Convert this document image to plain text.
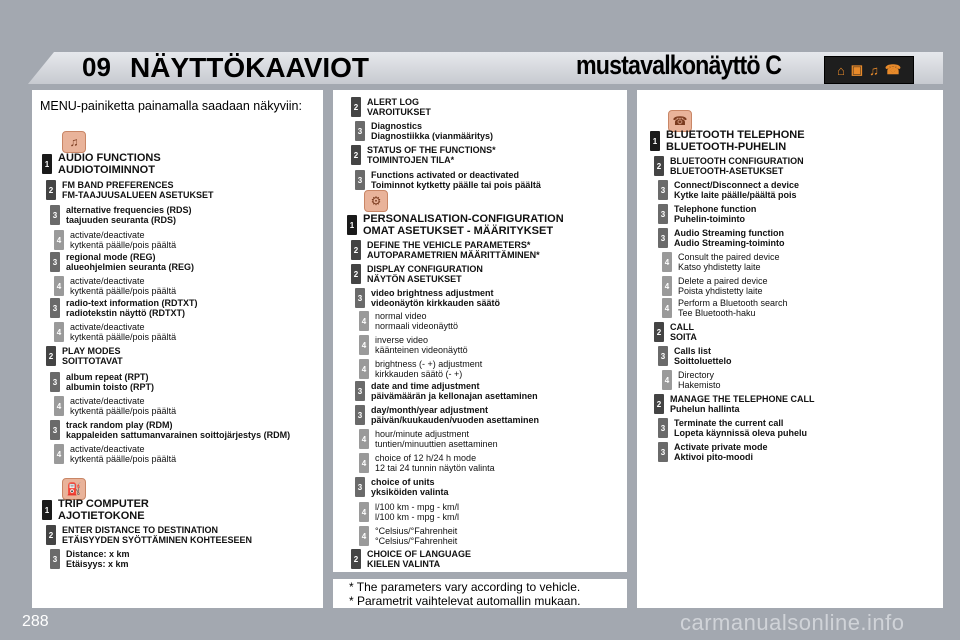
09 NÄYTTÖKAAVIOT	mustavalkonäyttö C	⌂ ▣ ♫ ☎
MENU-painiketta painamalla saadaan näkyviin:
♫
⛽
⚙
☎
1 AUDIO FUNCTIONS
AUDIOTOIMINNOT
2 FM BAND PREFERENCES
FM-TAAJUUSALUEEN ASETUKSET
3 alternative frequencies (RDS)
taajuuden seuranta (RDS)
4 activate/deactivate
kytkentä päälle/pois päältä
3 regional mode (REG)
alueohjelmien seuranta (REG)
4 activate/deactivate
kytkentä päälle/pois päältä
3 radio-text information (RDTXT)
radiotekstin näyttö (RDTXT)
4 activate/deactivate
kytkentä päälle/pois päältä
2 PLAY MODES
SOITTOTAVAT
3 album repeat (RPT)
albumin toisto (RPT)
4 activate/deactivate
kytkentä päälle/pois päältä
3 track random play (RDM)
kappaleiden sattumanvarainen soittojärjestys (RDM)
4 activate/deactivate
kytkentä päälle/pois päältä
1 TRIP COMPUTER
AJOTIETOKONE
2 ENTER DISTANCE TO DESTINATION
ETÄISYYDEN SYÖTTÄMINEN KOHTEESEEN
3 Distance: x km
Etäisyys: x km
2 ALERT LOG
VAROITUKSET
3 Diagnostics
Diagnostiikka (vianmääritys)
2 STATUS OF THE FUNCTIONS*
TOIMINTOJEN TILA*
3 Functions activated or deactivated
Toiminnot kytketty päälle tai pois päältä
1 PERSONALISATION-CONFIGURATION
OMAT ASETUKSET - MÄÄRITYKSET
2 DEFINE THE VEHICLE PARAMETERS*
AUTOPARAMETRIEN MÄÄRITTÄMINEN*
2 DISPLAY CONFIGURATION
NÄYTÖN ASETUKSET
3 video brightness adjustment
videonäytön kirkkauden säätö
4 normal video
normaali videonäyttö
4 inverse video
käänteinen videonäyttö
4 brightness (- +) adjustment
kirkkauden säätö (- +)
3 date and time adjustment
päivämäärän ja kellonajan asettaminen
3 day/month/year adjustment
päivän/kuukauden/vuoden asettaminen
4 hour/minute adjustment
tuntien/minuuttien asettaminen
4 choice of 12 h/24 h mode
12 tai 24 tunnin näytön valinta
3 choice of units
yksiköiden valinta
4 l/100 km - mpg - km/l
l/100 km - mpg - km/l
4 °Celsius/°Fahrenheit
°Celsius/°Fahrenheit
2 CHOICE OF LANGUAGE
KIELEN VALINTA
1 BLUETOOTH TELEPHONE
BLUETOOTH-PUHELIN
2 BLUETOOTH CONFIGURATION
BLUETOOTH-ASETUKSET
3 Connect/Disconnect a device
Kytke laite päälle/päältä pois
3 Telephone function
Puhelin-toiminto
3 Audio Streaming function
Audio Streaming-toiminto
4 Consult the paired device
Katso yhdistetty laite
4 Delete a paired device
Poista yhdistetty laite
4 Perform a Bluetooth search
Tee Bluetooth-haku
2 CALL
SOITA
3 Calls list
Soittoluettelo
4 Directory
Hakemisto
2 MANAGE THE TELEPHONE CALL
Puhelun hallinta
3 Terminate the current call
Lopeta käynnissä oleva puhelu
3 Activate private mode
Aktivoi pito-moodi
* The parameters vary according to vehicle.
* Parametrit vaihtelevat automallin mukaan.
288	carmanualsonline.info
